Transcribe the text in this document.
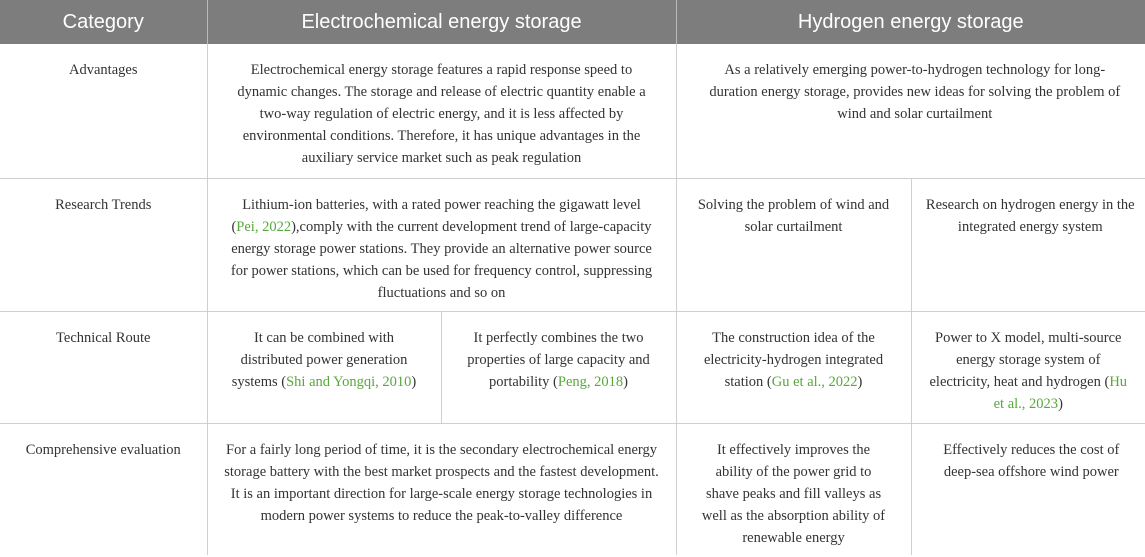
Category	Electrochemical energy storage		Hydrogen energy storage	
Advantages	Electrochemical energy storage features a rapid response speed to dynamic changes. The storage and release of electric quantity enable a two-way regulation of electric energy, and it is less affected by environmental conditions. Therefore, it has unique advantages in the auxiliary service market such as peak regulation		As a relatively emerging power-to-hydrogen technology for long-duration energy storage, provides new ideas for solving the problem of wind and solar curtailment	
Research Trends	Lithium-ion batteries, with a rated power reaching the gigawatt level (Pei, 2022),comply with the current development trend of large-capacity energy storage power stations. They provide an alternative power source for power stations, which can be used for frequency control, suppressing fluctuations and so on		Solving the problem of wind and solar curtailment	Research on hydrogen energy in the integrated energy system
Technical Route	It can be combined with distributed power generation systems (Shi and Yongqi, 2010)	It perfectly combines the two properties of large capacity and portability (Peng, 2018)	The construction idea of the electricity-hydrogen integrated station (Gu et al., 2022)	Power to X model, multi-source energy storage system of electricity, heat and hydrogen (Hu et al., 2023)
Comprehensive evaluation	For a fairly long period of time, it is the secondary electrochemical energy storage battery with the best market prospects and the fastest development. It is an important direction for large-scale energy storage technologies in modern power systems to reduce the peak-to-valley difference		It effectively improves the ability of the power grid to shave peaks and fill valleys as well as the absorption ability of renewable energy	Effectively reduces the cost of deep-sea offshore wind power
